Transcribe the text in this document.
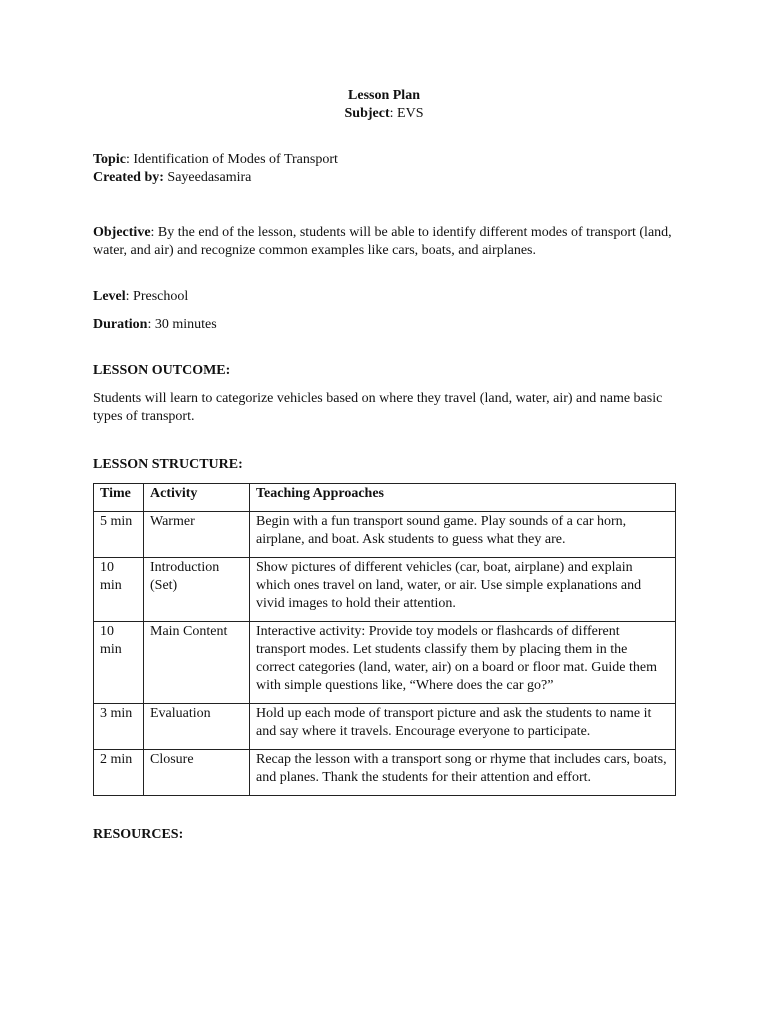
Lesson Plan

Subject: EVS

Topic: Identification of Modes of Transport

Created by: Sayeedasamira

Objective: By the end of the lesson, students will be able to identify different modes of transport (land, water, and air) and recognize common examples like cars, boats, and airplanes.

Level: Preschool

Duration: 30 minutes

LESSON OUTCOME:

Students will learn to categorize vehicles based on where they travel (land, water, air) and name basic types of transport.

LESSON STRUCTURE:

Time	Activity	Teaching Approaches
5 min	Warmer	Begin with a fun transport sound game. Play sounds of a car horn, airplane, and boat. Ask students to guess what they are.
10 min	Introduction (Set)	Show pictures of different vehicles (car, boat, airplane) and explain which ones travel on land, water, or air. Use simple explanations and vivid images to hold their attention.
10 min	Main Content	Interactive activity: Provide toy models or flashcards of different transport modes. Let students classify them by placing them in the correct categories (land, water, air) on a board or floor mat. Guide them with simple questions like, “Where does the car go?”
3 min	Evaluation	Hold up each mode of transport picture and ask the students to name it and say where it travels. Encourage everyone to participate.
2 min	Closure	Recap the lesson with a transport song or rhyme that includes cars, boats, and planes. Thank the students for their attention and effort.

RESOURCES:
